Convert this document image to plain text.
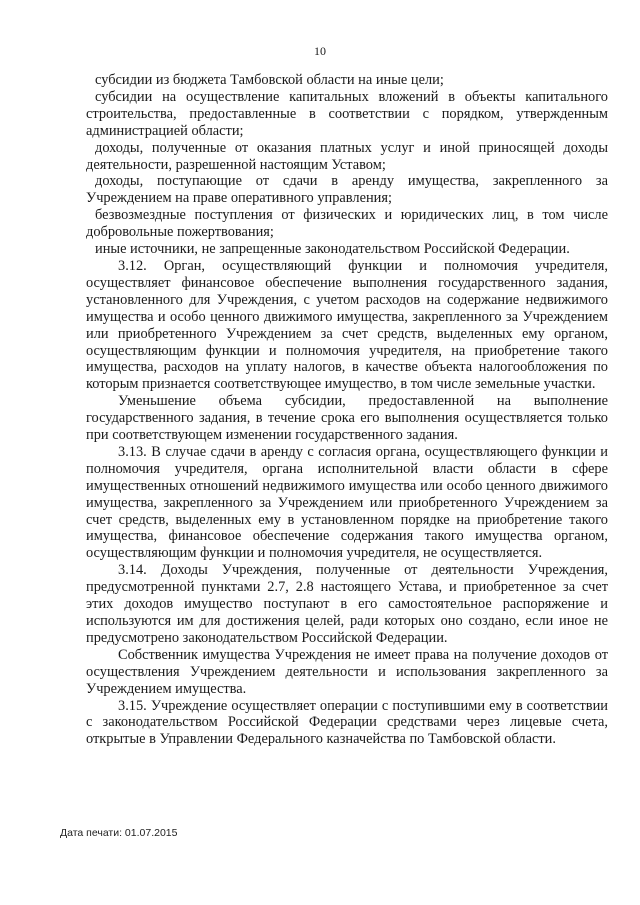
10

субсидии из бюджета Тамбовской области на иные цели;

субсидии на осуществление капитальных вложений в объекты капитального строительства, предоставленные в соответствии с порядком, утвержденным администрацией области;

доходы, полученные от оказания платных услуг и иной приносящей доходы деятельности, разрешенной настоящим Уставом;

доходы, поступающие от сдачи в аренду имущества, закрепленного за Учреждением на праве оперативного управления;

безвозмездные поступления от физических и юридических лиц, в том числе добровольные пожертвования;

иные источники, не запрещенные законодательством Российской Федерации.

3.12. Орган, осуществляющий функции и полномочия учредителя, осуществляет финансовое обеспечение выполнения государственного задания, установленного для Учреждения, с учетом расходов на содержание недвижимого имущества и особо ценного движимого имущества, закрепленного за Учреждением или приобретенного Учреждением за счет средств, выделенных ему органом, осуществляющим функции и полномочия учредителя, на приобретение такого имущества, расходов на уплату налогов, в качестве объекта налогообложения по которым признается соответствующее имущество, в том числе земельные участки.

Уменьшение объема субсидии, предоставленной на выполнение государственного задания, в течение срока его выполнения осуществляется только при соответствующем изменении государственного задания.

3.13. В случае сдачи в аренду с согласия органа, осуществляющего функции и полномочия учредителя, органа исполнительной власти области в сфере имущественных отношений недвижимого имущества или особо ценного движимого имущества, закрепленного за Учреждением или приобретенного Учреждением за счет средств, выделенных ему в установленном порядке на приобретение такого имущества, финансовое обеспечение содержания такого имущества органом, осуществляющим функции и полномочия учредителя, не осуществляется.

3.14. Доходы Учреждения, полученные от деятельности Учреждения, предусмотренной пунктами 2.7, 2.8 настоящего Устава, и приобретенное за счет этих доходов имущество поступают в его самостоятельное распоряжение и используются им для достижения целей, ради которых оно создано, если иное не предусмотрено законодательством Российской Федерации.

Собственник имущества Учреждения не имеет права на получение доходов от осуществления Учреждением деятельности и использования закрепленного за Учреждением имущества.

3.15. Учреждение осуществляет операции с поступившими ему в соответствии с законодательством Российской Федерации средствами через лицевые счета, открытые в Управлении Федерального казначейства по Тамбовской области.

Дата печати: 01.07.2015
